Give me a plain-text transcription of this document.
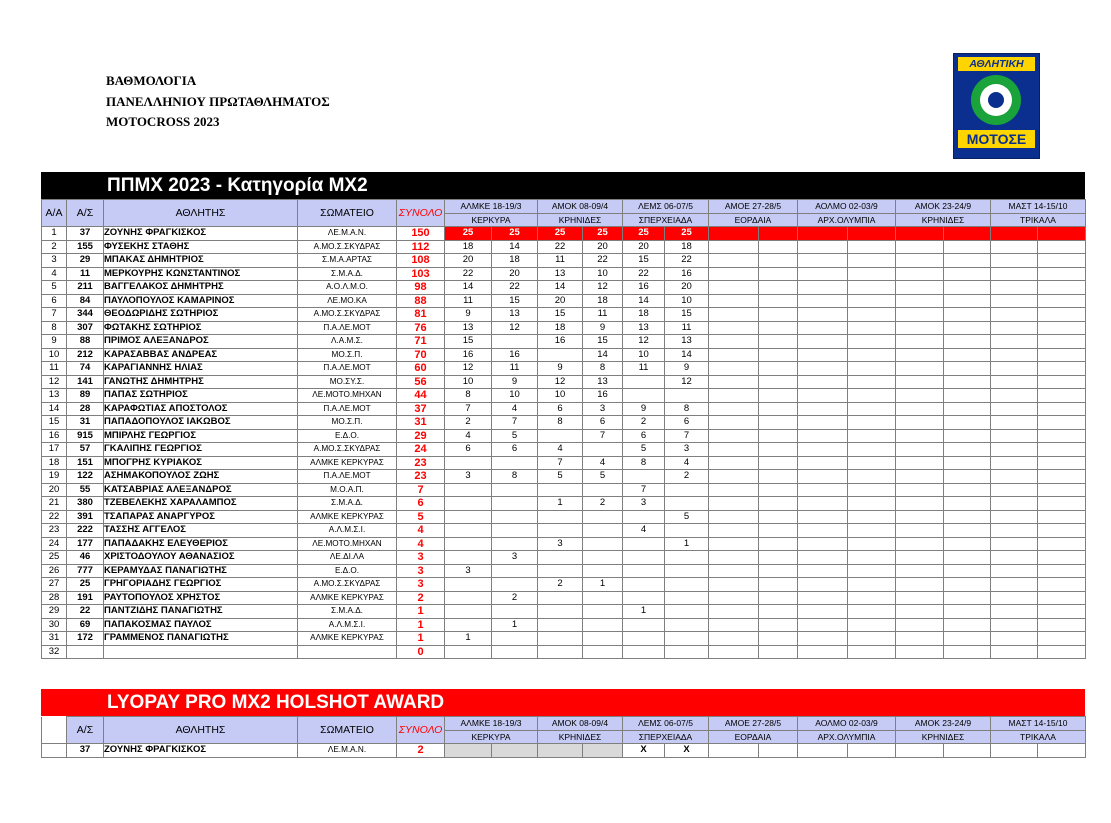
ΒΑΘΜΟΛΟΓΙΑ
ΠΑΝΕΛΛΗΝΙΟΥ ΠΡΩΤΑΘΛΗΜΑΤΟΣ
MOTOCROSS 2023
ΑΘΛΗΤΙΚΗ
ΜΟΤΟΣΕ
ΠΠΜΧ 2023 - Κατηγορία ΜΧ2
Α/Α	Α/Σ	ΑΘΛΗΤΗΣ	ΣΩΜΑΤΕΙΟ	ΣΥΝΟΛΟ	ΑΛΜΚΕ 18-19/3		ΑΜΟΚ 08-09/4		ΛΕΜΣ 06-07/5		ΑΜΟΕ 27-28/5		ΑΟΛΜΟ 02-03/9		ΑΜΟΚ 23-24/9		ΜΑΣΤ 14-15/10	
					ΚΕΡΚΥΡΑ		ΚΡΗΝΙΔΕΣ		ΣΠΕΡΧΕΙΑΔΑ		ΕΟΡΔΑΙΑ		ΑΡΧ.ΟΛΥΜΠΙΑ		ΚΡΗΝΙΔΕΣ		ΤΡΙΚΑΛΑ	
1	37	ΖΟΥΝΗΣ ΦΡΑΓΚΙΣΚΟΣ	ΛΕ.Μ.Α.Ν.	150	25	25	25	25	25	25								
2	155	ΦΥΣΕΚΗΣ ΣΤΑΘΗΣ	Α.ΜΟ.Σ.ΣΚΥΔΡΑΣ	112	18	14	22	20	20	18								
3	29	ΜΠΑΚΑΣ ΔΗΜΗΤΡΙΟΣ	Σ.Μ.Α.ΑΡΤΑΣ	108	20	18	11	22	15	22								
4	11	ΜΕΡΚΟΥΡΗΣ ΚΩΝΣΤΑΝΤΙΝΟΣ	Σ.Μ.Α.Δ.	103	22	20	13	10	22	16								
5	211	ΒΑΓΓΕΛΑΚΟΣ ΔΗΜΗΤΡΗΣ	Α.Ο.Λ.Μ.Ο.	98	14	22	14	12	16	20								
6	84	ΠΑΥΛΟΠΟΥΛΟΣ ΚΑΜΑΡΙΝΟΣ	ΛΕ.ΜΟ.ΚΑ	88	11	15	20	18	14	10								
7	344	ΘΕΟΔΩΡΙΔΗΣ ΣΩΤΗΡΙΟΣ	Α.ΜΟ.Σ.ΣΚΥΔΡΑΣ	81	9	13	15	11	18	15								
8	307	ΦΩΤΑΚΗΣ ΣΩΤΗΡΙΟΣ	Π.Α.ΛΕ.ΜΟΤ	76	13	12	18	9	13	11								
9	88	ΠΡΙΜΟΣ ΑΛΕΞΑΝΔΡΟΣ	Λ.Α.Μ.Σ.	71	15		16	15	12	13								
10	212	ΚΑΡΑΣΑΒΒΑΣ ΑΝΔΡΕΑΣ	ΜΟ.Σ.Π.	70	16	16		14	10	14								
11	74	ΚΑΡΑΓΙΑΝΝΗΣ ΗΛΙΑΣ	Π.Α.ΛΕ.ΜΟΤ	60	12	11	9	8	11	9								
12	141	ΓΑΝΩΤΗΣ ΔΗΜΗΤΡΗΣ	ΜΟ.ΣΥ.Σ.	56	10	9	12	13		12								
13	89	ΠΑΠΑΣ ΣΩΤΗΡΙΟΣ	ΛΕ.ΜΟΤΟ.ΜΗΧΑΝ	44	8	10	10	16										
14	28	ΚΑΡΑΦΩΤΙΑΣ ΑΠΟΣΤΟΛΟΣ	Π.Α.ΛΕ.ΜΟΤ	37	7	4	6	3	9	8								
15	31	ΠΑΠΑΔΟΠΟΥΛΟΣ ΙΑΚΩΒΟΣ	ΜΟ.Σ.Π.	31	2	7	8	6	2	6								
16	915	ΜΠΙΡΛΗΣ ΓΕΩΡΓΙΟΣ	Ε.Δ.Ο.	29	4	5		7	6	7								
17	57	ΓΚΑΛΙΠΗΣ ΓΕΩΡΓΙΟΣ	Α.ΜΟ.Σ.ΣΚΥΔΡΑΣ	24	6	6	4		5	3								
18	151	ΜΠΟΓΡΗΣ ΚΥΡΙΑΚΟΣ	ΑΛΜΚΕ ΚΕΡΚΥΡΑΣ	23			7	4	8	4								
19	122	ΑΣΗΜΑΚΟΠΟΥΛΟΣ ΖΩΗΣ	Π.Α.ΛΕ.ΜΟΤ	23	3	8	5	5		2								
20	55	ΚΑΤΣΑΒΡΙΑΣ ΑΛΕΞΑΝΔΡΟΣ	Μ.Ο.Α.Π.	7					7									
21	380	ΤΖΕΒΕΛΕΚΗΣ ΧΑΡΑΛΑΜΠΟΣ	Σ.Μ.Α.Δ.	6			1	2	3									
22	391	ΤΣΑΠΑΡΑΣ ΑΝΑΡΓΥΡΟΣ	ΑΛΜΚΕ ΚΕΡΚΥΡΑΣ	5						5								
23	222	ΤΑΣΣΗΣ ΑΓΓΕΛΟΣ	Α.Λ.Μ.Σ.Ι.	4					4									
24	177	ΠΑΠΑΔΑΚΗΣ ΕΛΕΥΘΕΡΙΟΣ	ΛΕ.ΜΟΤΟ.ΜΗΧΑΝ	4			3			1								
25	46	ΧΡΙΣΤΟΔΟΥΛΟΥ ΑΘΑΝΑΣΙΟΣ	ΛΕ.ΔΙ.ΛΑ	3		3												
26	777	ΚΕΡΑΜΥΔΑΣ ΠΑΝΑΓΙΩΤΗΣ	Ε.Δ.Ο.	3	3													
27	25	ΓΡΗΓΟΡΙΑΔΗΣ ΓΕΩΡΓΙΟΣ	Α.ΜΟ.Σ.ΣΚΥΔΡΑΣ	3			2	1										
28	191	ΡΑΥΤΟΠΟΥΛΟΣ ΧΡΗΣΤΟΣ	ΑΛΜΚΕ ΚΕΡΚΥΡΑΣ	2		2												
29	22	ΠΑΝΤΖΙΔΗΣ ΠΑΝΑΓΙΩΤΗΣ	Σ.Μ.Α.Δ.	1					1									
30	69	ΠΑΠΑΚΟΣΜΑΣ ΠΑΥΛΟΣ	Α.Λ.Μ.Σ.Ι.	1		1												
31	172	ΓΡΑΜΜΕΝΟΣ ΠΑΝΑΓΙΩΤΗΣ	ΑΛΜΚΕ ΚΕΡΚΥΡΑΣ	1	1													
32				0														
LYOPAY PRO MX2 HOLSHOT AWARD
	Α/Σ	ΑΘΛΗΤΗΣ	ΣΩΜΑΤΕΙΟ	ΣΥΝΟΛΟ	ΑΛΜΚΕ 18-19/3		ΑΜΟΚ 08-09/4		ΛΕΜΣ 06-07/5		ΑΜΟΕ 27-28/5		ΑΟΛΜΟ 02-03/9		ΑΜΟΚ 23-24/9		ΜΑΣΤ 14-15/10	
					ΚΕΡΚΥΡΑ		ΚΡΗΝΙΔΕΣ		ΣΠΕΡΧΕΙΑΔΑ		ΕΟΡΔΑΙΑ		ΑΡΧ.ΟΛΥΜΠΙΑ		ΚΡΗΝΙΔΕΣ		ΤΡΙΚΑΛΑ	
	37	ΖΟΥΝΗΣ ΦΡΑΓΚΙΣΚΟΣ	ΛΕ.Μ.Α.Ν.	2					X	X								
